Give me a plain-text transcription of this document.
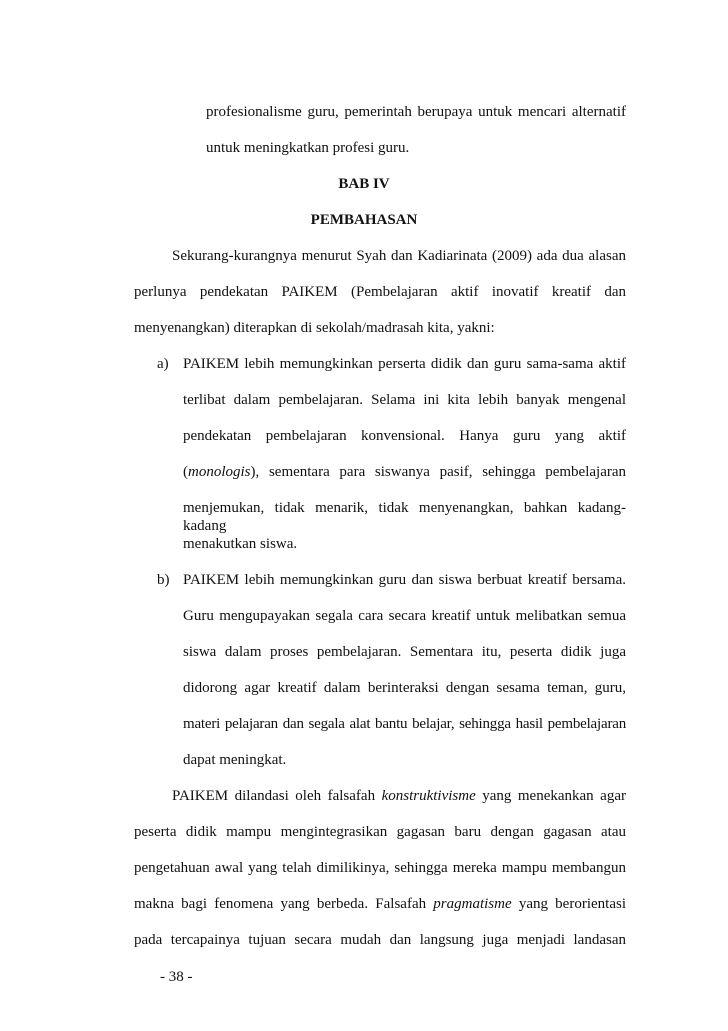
profesionalisme guru, pemerintah berupaya untuk mencari alternatif
untuk meningkatkan profesi guru.
BAB IV
PEMBAHASAN
Sekurang-kurangnya menurut Syah dan Kadiarinata (2009) ada dua alasan
perlunya pendekatan PAIKEM (Pembelajaran aktif inovatif kreatif dan
menyenangkan) diterapkan di sekolah/madrasah kita, yakni:
a) PAIKEM lebih memungkinkan perserta didik dan guru sama-sama aktif
terlibat dalam pembelajaran. Selama ini kita lebih banyak mengenal
pendekatan pembelajaran konvensional. Hanya guru yang aktif
(monologis), sementara para siswanya pasif, sehingga pembelajaran
menjemukan, tidak menarik, tidak menyenangkan, bahkan kadang-kadang
menakutkan siswa.
b) PAIKEM lebih memungkinkan guru dan siswa berbuat kreatif bersama.
Guru mengupayakan segala cara secara kreatif untuk melibatkan semua
siswa dalam proses pembelajaran. Sementara itu, peserta didik juga
didorong agar kreatif dalam berinteraksi dengan sesama teman, guru,
materi pelajaran dan segala alat bantu belajar, sehingga hasil pembelajaran
dapat meningkat.
PAIKEM dilandasi oleh falsafah konstruktivisme yang menekankan agar
peserta didik mampu mengintegrasikan gagasan baru dengan gagasan atau
pengetahuan awal yang telah dimilikinya, sehingga mereka mampu membangun
makna bagi fenomena yang berbeda. Falsafah pragmatisme yang berorientasi
pada tercapainya tujuan secara mudah dan langsung juga menjadi landasan
- 38 -
